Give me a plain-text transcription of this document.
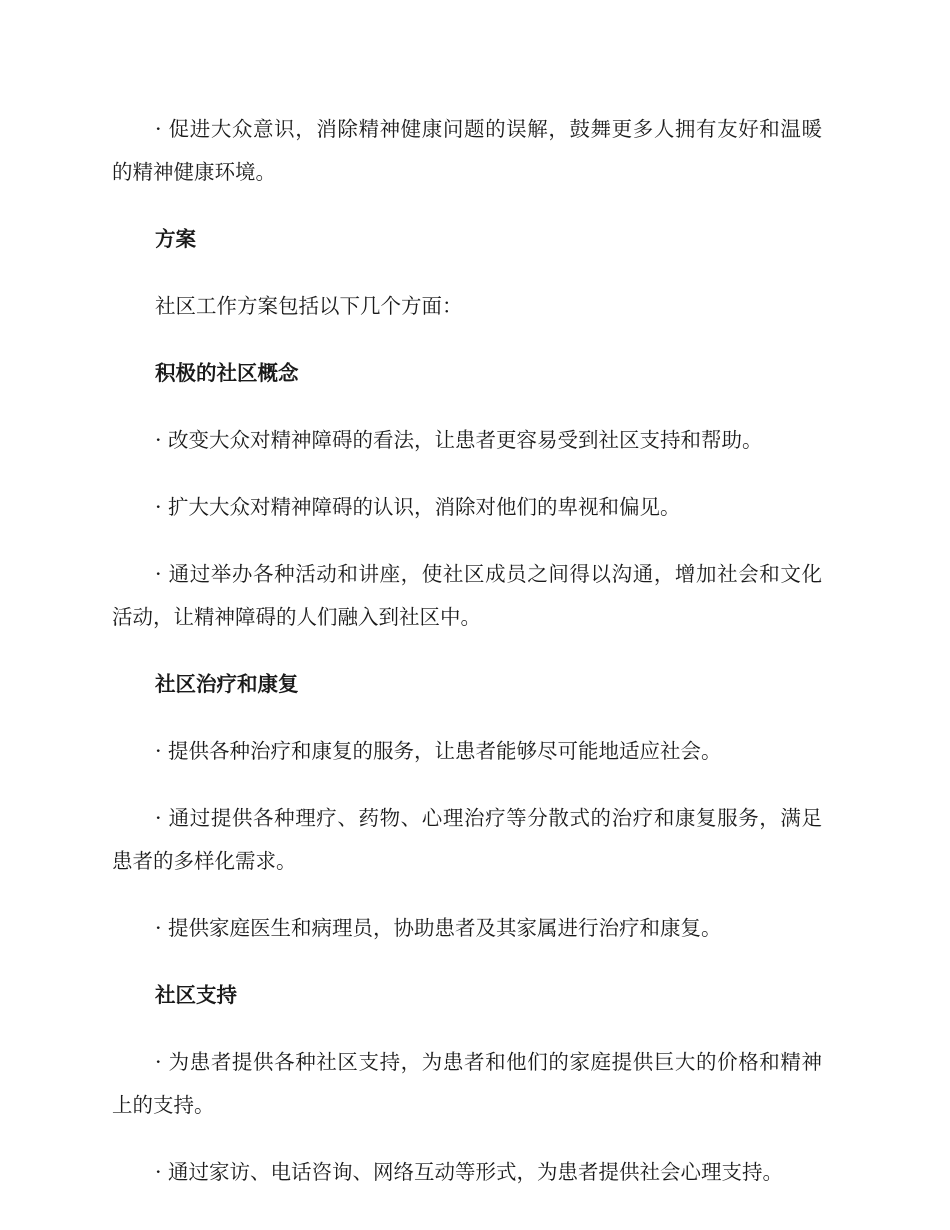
· 促进大众意识，消除精神健康问题的误解，鼓舞更多人拥有友好和温暖的精神健康环境。

方案

社区工作方案包括以下几个方面：

积极的社区概念

· 改变大众对精神障碍的看法，让患者更容易受到社区支持和帮助。

· 扩大大众对精神障碍的认识，消除对他们的卑视和偏见。

· 通过举办各种活动和讲座，使社区成员之间得以沟通，增加社会和文化活动，让精神障碍的人们融入到社区中。

社区治疗和康复

· 提供各种治疗和康复的服务，让患者能够尽可能地适应社会。

· 通过提供各种理疗、药物、心理治疗等分散式的治疗和康复服务，满足患者的多样化需求。

· 提供家庭医生和病理员，协助患者及其家属进行治疗和康复。

社区支持

· 为患者提供各种社区支持，为患者和他们的家庭提供巨大的价格和精神上的支持。

· 通过家访、电话咨询、网络互动等形式，为患者提供社会心理支持。
